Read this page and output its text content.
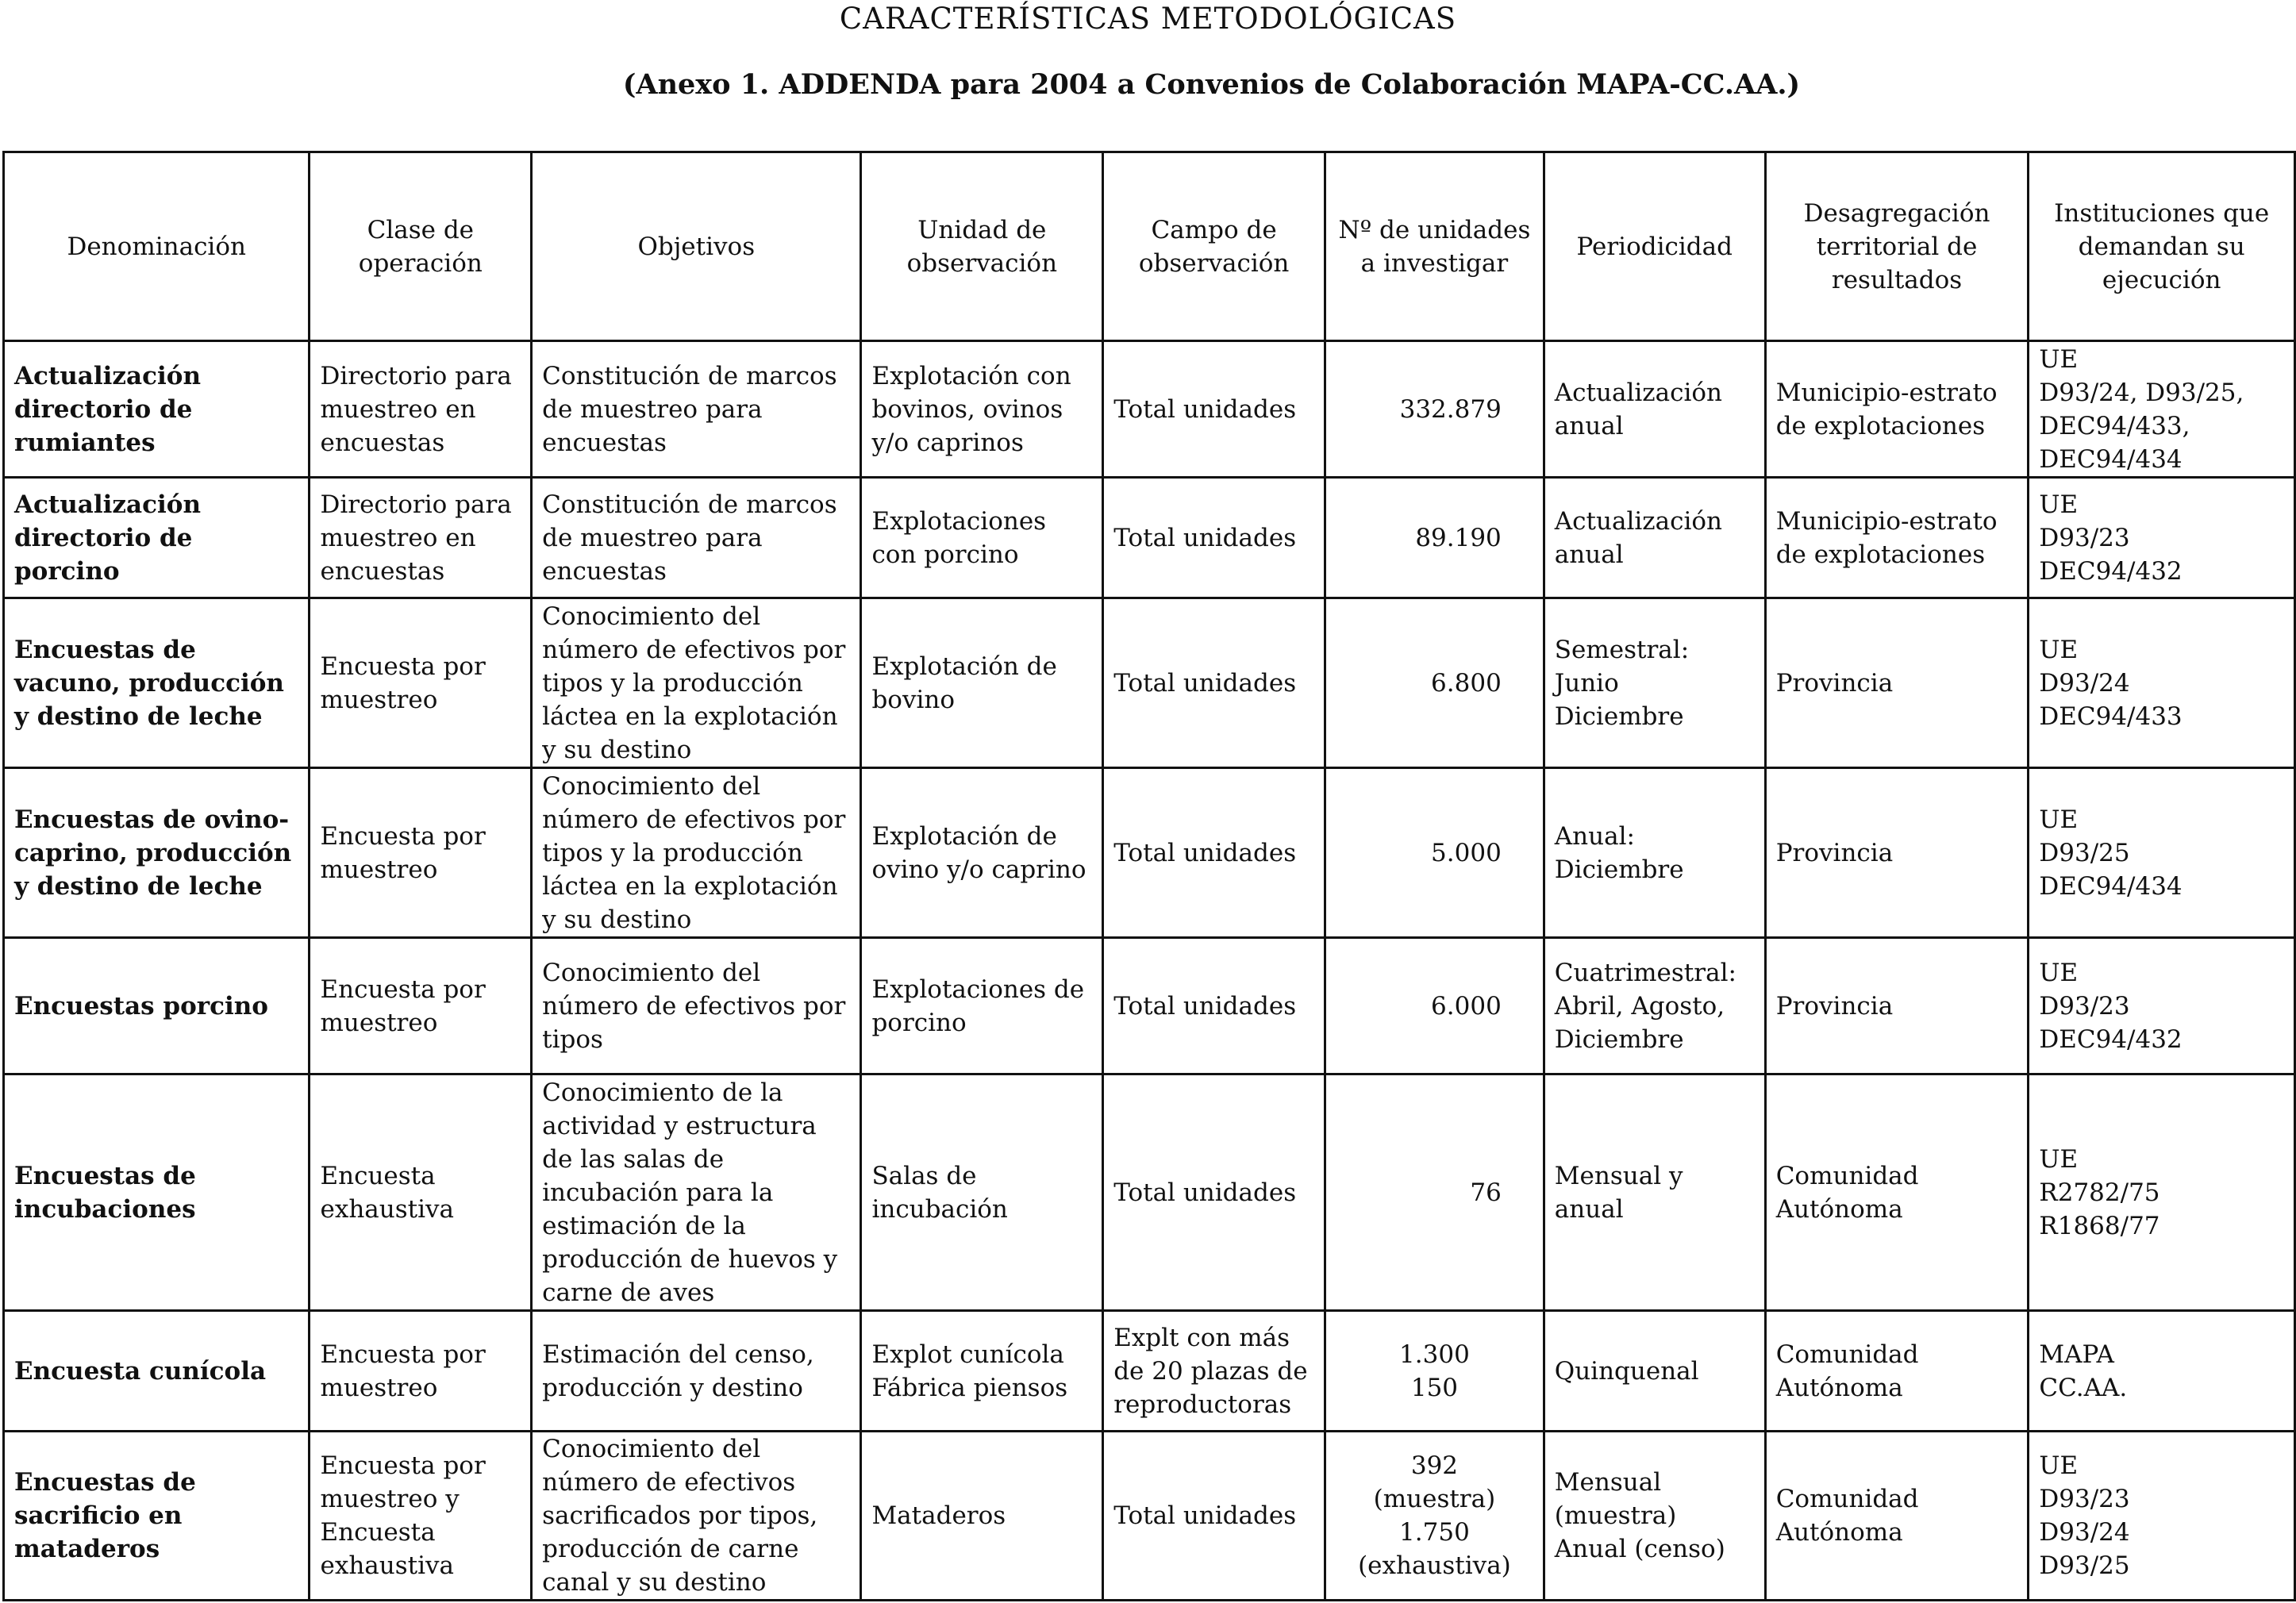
CARACTERÍSTICAS METODOLÓGICAS
(Anexo 1. ADDENDA para 2004 a Convenios de Colaboración MAPA-CC.AA.)
Denominación	Clase de operación	Objetivos	Unidad de observación	Campo de observación	Nº de unidades a investigar	Periodicidad	Desagregación territorial de resultados	Instituciones que demandan su ejecución
Actualización directorio de rumiantes	Directorio para muestreo en encuestas	Constitución de marcos de muestreo para encuestas	Explotación con bovinos, ovinos y/o caprinos	Total unidades	332.879	Actualización anual	Municipio-estrato de explotaciones	UE
D93/24, D93/25,
DEC94/433,
DEC94/434
Actualización directorio de porcino	Directorio para muestreo en encuestas	Constitución de marcos de muestreo para encuestas	Explotaciones con porcino	Total unidades	89.190	Actualización anual	Municipio-estrato de explotaciones	UE
D93/23
DEC94/432
Encuestas de vacuno, producción y destino de leche	Encuesta por muestreo	Conocimiento del número de efectivos por tipos y la producción láctea en la explotación y su destino	Explotación de bovino	Total unidades	6.800	Semestral:
Junio
Diciembre	Provincia	UE
D93/24
DEC94/433
Encuestas de ovino-caprino, producción y destino de leche	Encuesta por muestreo	Conocimiento del número de efectivos por tipos y la producción láctea en la explotación y su destino	Explotación de ovino y/o caprino	Total unidades	5.000	Anual:
Diciembre	Provincia	UE
D93/25
DEC94/434
Encuestas porcino	Encuesta por muestreo	Conocimiento del número de efectivos por tipos	Explotaciones de porcino	Total unidades	6.000	Cuatrimestral:
Abril, Agosto,
Diciembre	Provincia	UE
D93/23
DEC94/432
Encuestas de incubaciones	Encuesta exhaustiva	Conocimiento de la actividad y estructura de las salas de incubación para la estimación de la producción de huevos y carne de aves	Salas de incubación	Total unidades	76	Mensual y anual	Comunidad Autónoma	UE
R2782/75
R1868/77
Encuesta cunícola	Encuesta por muestreo	Estimación del censo, producción y destino	Explot cunícola
Fábrica piensos	Explt con más de 20 plazas de reproductoras	1.300
150	Quinquenal	Comunidad Autónoma	MAPA
CC.AA.
Encuestas de sacrificio en mataderos	Encuesta por muestreo y Encuesta exhaustiva	Conocimiento del número de efectivos sacrificados por tipos, producción de carne canal y su destino	Mataderos	Total unidades	392
(muestra)
1.750
(exhaustiva)	Mensual
(muestra)
Anual (censo)	Comunidad Autónoma	UE
D93/23
D93/24
D93/25
